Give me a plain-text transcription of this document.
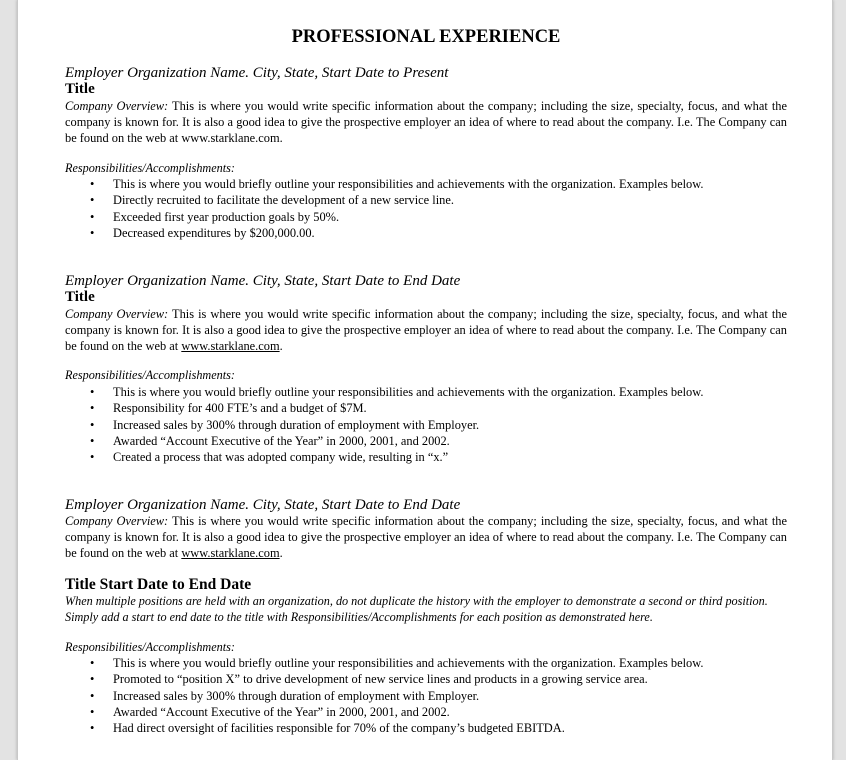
PROFESSIONAL EXPERIENCE

Employer Organization Name. City, State, Start Date to Present

Title

Company Overview: This is where you would write specific information about the company; including the size, specialty, focus, and what the company is known for. It is also a good idea to give the prospective employer an idea of where to read about the company. I.e. The Company can be found on the web at www.starklane.com.

Responsibilities/Accomplishments:

• This is where you would briefly outline your responsibilities and achievements with the organization. Examples below.
• Directly recruited to facilitate the development of a new service line.
• Exceeded first year production goals by 50%.
• Decreased expenditures by $200,000.00.

Employer Organization Name. City, State, Start Date to End Date

Title

Company Overview: This is where you would write specific information about the company; including the size, specialty, focus, and what the company is known for. It is also a good idea to give the prospective employer an idea of where to read about the company. I.e. The Company can be found on the web at www.starklane.com.

Responsibilities/Accomplishments:

• This is where you would briefly outline your responsibilities and achievements with the organization. Examples below.
• Responsibility for 400 FTE’s and a budget of $7M.
• Increased sales by 300% through duration of employment with Employer.
• Awarded “Account Executive of the Year” in 2000, 2001, and 2002.
• Created a process that was adopted company wide, resulting in “x.”

Employer Organization Name. City, State, Start Date to End Date

Company Overview: This is where you would write specific information about the company; including the size, specialty, focus, and what the company is known for. It is also a good idea to give the prospective employer an idea of where to read about the company. I.e. The Company can be found on the web at www.starklane.com.

Title Start Date to End Date

When multiple positions are held with an organization, do not duplicate the history with the employer to demonstrate a second or third position. Simply add a start to end date to the title with Responsibilities/Accomplishments for each position as demonstrated here.

Responsibilities/Accomplishments:

• This is where you would briefly outline your responsibilities and achievements with the organization. Examples below.
• Promoted to “position X” to drive development of new service lines and products in a growing service area.
• Increased sales by 300% through duration of employment with Employer.
• Awarded “Account Executive of the Year” in 2000, 2001, and 2002.
• Had direct oversight of facilities responsible for 70% of the company’s budgeted EBITDA.
